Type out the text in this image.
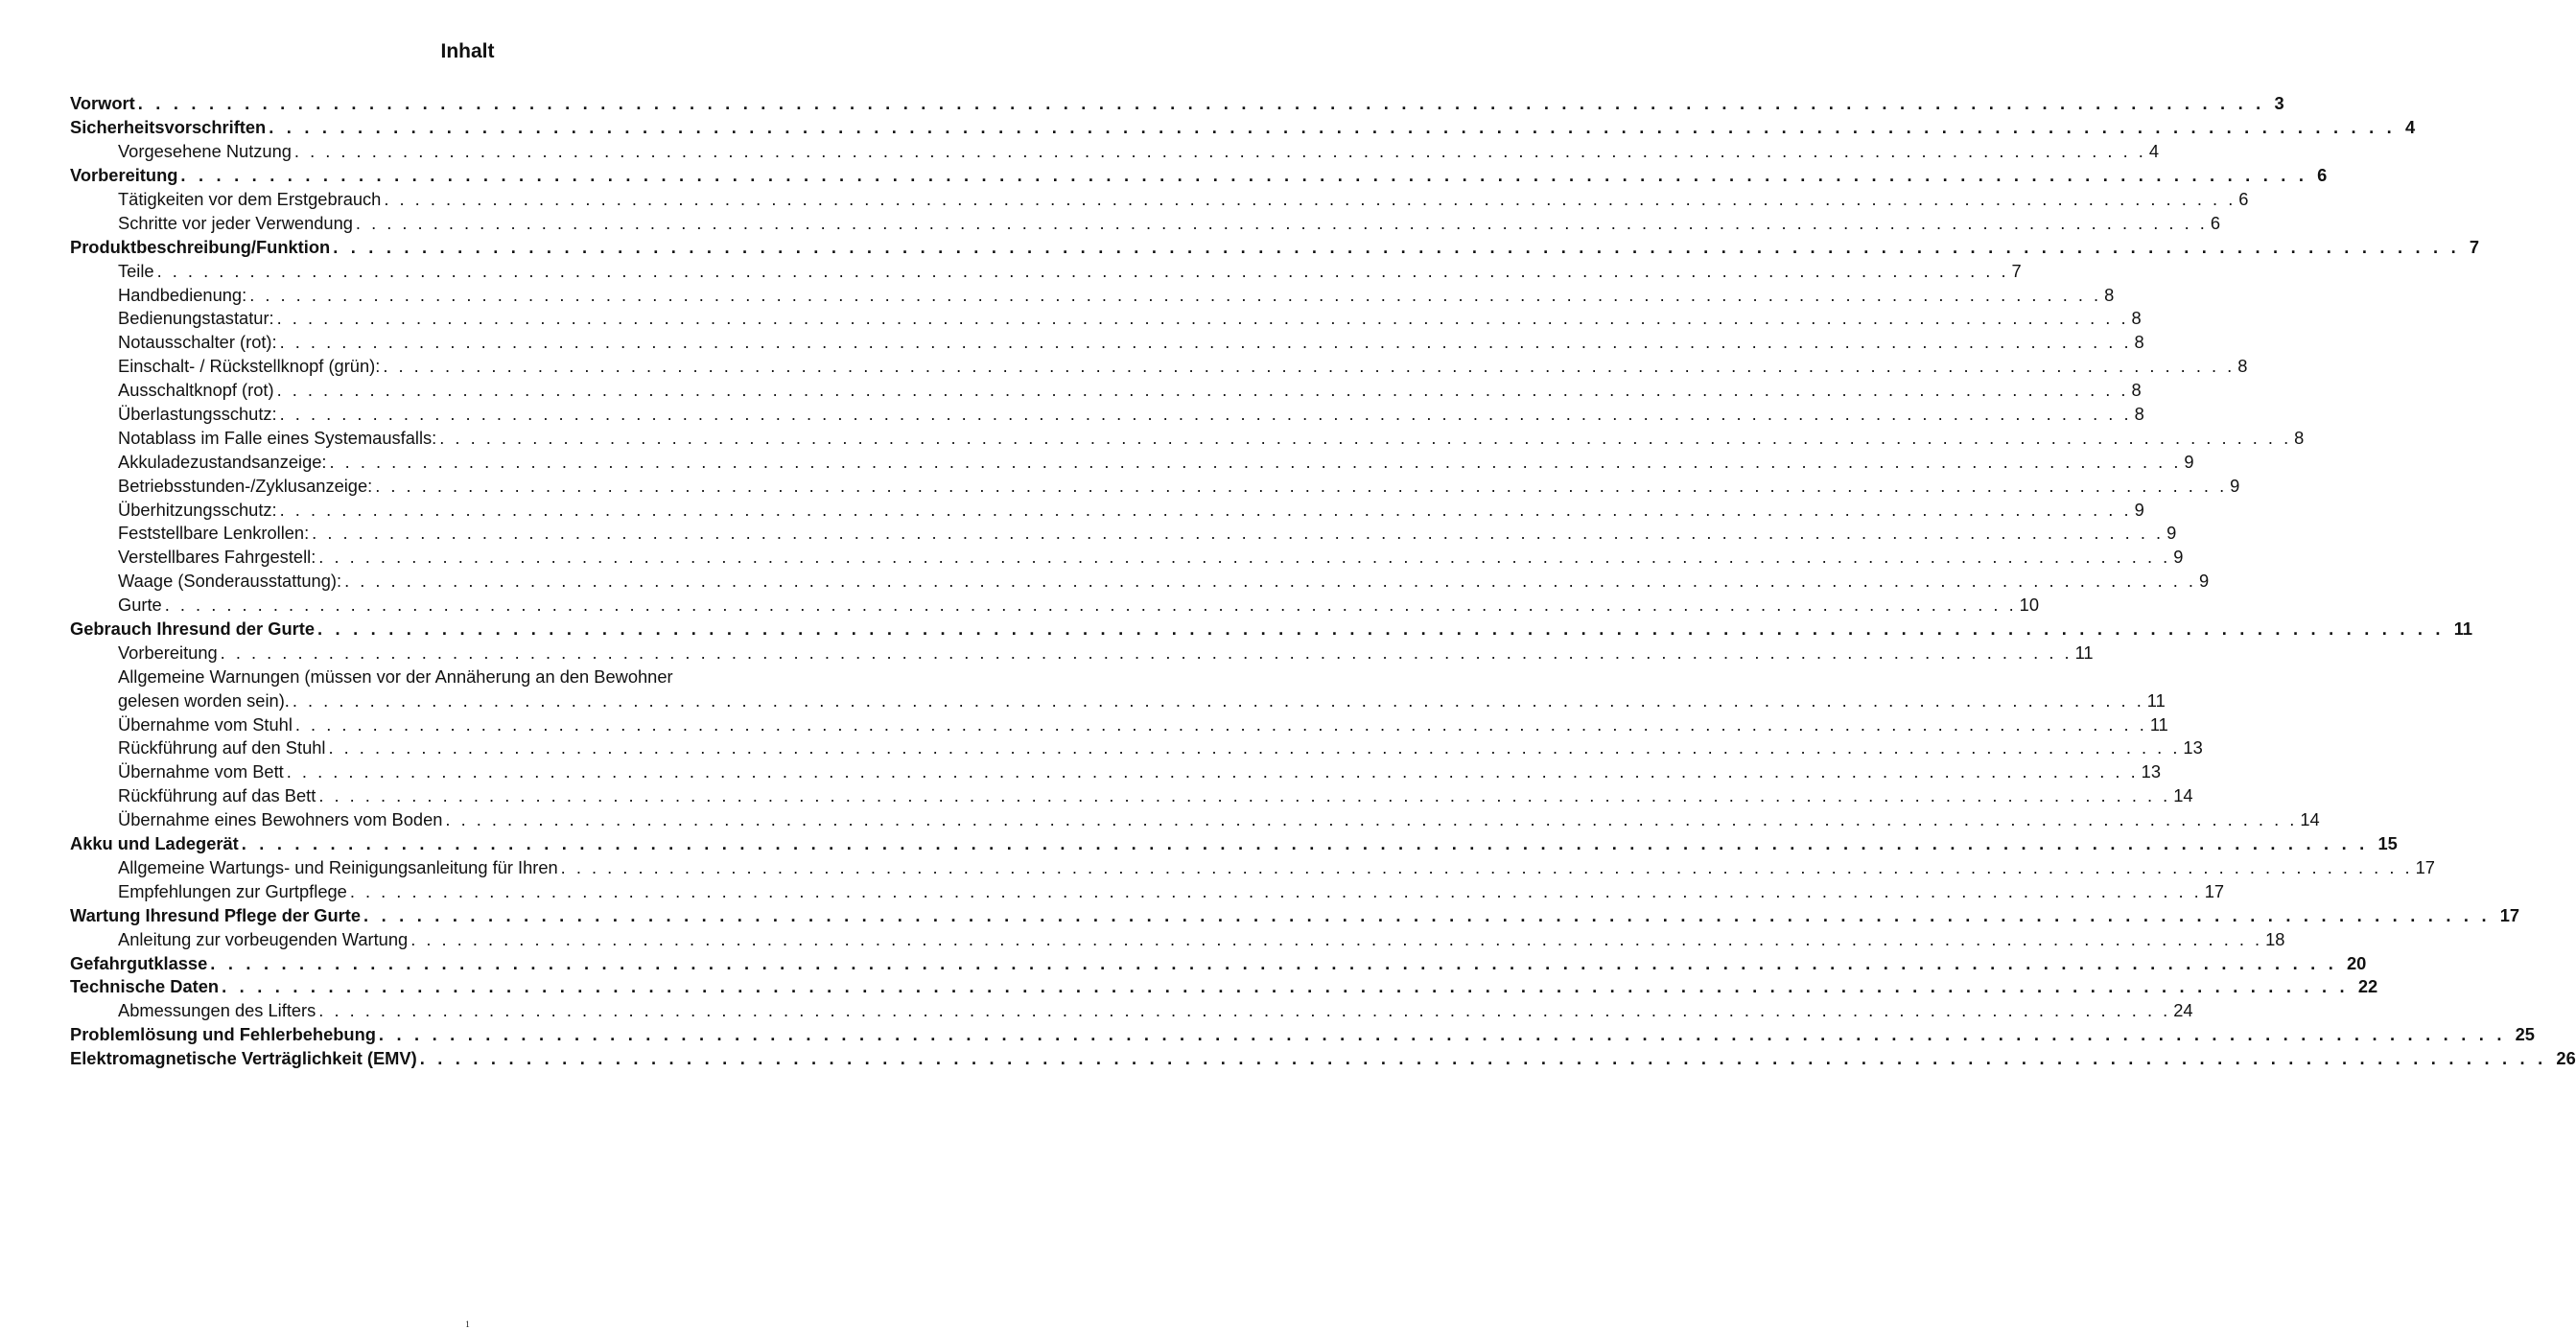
Inhalt
Vorwort . . . . . . . . . . . . . . . . . . . . . . . . . . . . . . . . . . . . . . . . . . . . . . . . . . . . . . . . . . . . . . . . . . . . . . . . . . . . . . . . . . . . . . . . . . . . . . . . . . . . . . . . . . . . . . . . . . . . . . . . 3
Sicherheitsvorschriften . . . . . . . . . . . . . . . . . . . . . . . . . . . . . . . . . . . . . . . . . . . . . . . . . . . . . . . . . . . . . . . . . . . . . . . . . . . . . . . . . . . . . . . . . . . . . . . . . . . . . . . . . . . . . . . . . . . . . . . . 4
Vorgesehene Nutzung . . . . . . . . . . . . . . . . . . . . . . . . . . . . . . . . . . . . . . . . . . . . . . . . . . . . . . . . . . . . . . . . . . . . . . . . . . . . . . . . . . . . . . . . . . . . . . . . . . . . . . . . . . . . . . . . . . . . . . . . 4
Vorbereitung . . . . . . . . . . . . . . . . . . . . . . . . . . . . . . . . . . . . . . . . . . . . . . . . . . . . . . . . . . . . . . . . . . . . . . . . . . . . . . . . . . . . . . . . . . . . . . . . . . . . . . . . . . . . . . . . . . . . . . . . 6
Tätigkeiten vor dem Erstgebrauch . . . . . . . . . . . . . . . . . . . . . . . . . . . . . . . . . . . . . . . . . . . . . . . . . . . . . . . . . . . . . . . . . . . . . . . . . . . . . . . . . . . . . . . . . . . . . . . . . . . . . . . . . . . . . . . . . . . . . . . . 6
Schritte vor jeder Verwendung . . . . . . . . . . . . . . . . . . . . . . . . . . . . . . . . . . . . . . . . . . . . . . . . . . . . . . . . . . . . . . . . . . . . . . . . . . . . . . . . . . . . . . . . . . . . . . . . . . . . . . . . . . . . . . . . . . . . . . . . 6
Produktbeschreibung/Funktion . . . . . . . . . . . . . . . . . . . . . . . . . . . . . . . . . . . . . . . . . . . . . . . . . . . . . . . . . . . . . . . . . . . . . . . . . . . . . . . . . . . . . . . . . . . . . . . . . . . . . . . . . . . . . . . . . . . . . . . . 7
Teile . . . . . . . . . . . . . . . . . . . . . . . . . . . . . . . . . . . . . . . . . . . . . . . . . . . . . . . . . . . . . . . . . . . . . . . . . . . . . . . . . . . . . . . . . . . . . . . . . . . . . . . . . . . . . . . . . . . . . . . . 7
Handbedienung: . . . . . . . . . . . . . . . . . . . . . . . . . . . . . . . . . . . . . . . . . . . . . . . . . . . . . . . . . . . . . . . . . . . . . . . . . . . . . . . . . . . . . . . . . . . . . . . . . . . . . . . . . . . . . . . . . . . . . . . . 8
Bedienungstastatur: . . . . . . . . . . . . . . . . . . . . . . . . . . . . . . . . . . . . . . . . . . . . . . . . . . . . . . . . . . . . . . . . . . . . . . . . . . . . . . . . . . . . . . . . . . . . . . . . . . . . . . . . . . . . . . . . . . . . . . . . 8
Notausschalter (rot): . . . . . . . . . . . . . . . . . . . . . . . . . . . . . . . . . . . . . . . . . . . . . . . . . . . . . . . . . . . . . . . . . . . . . . . . . . . . . . . . . . . . . . . . . . . . . . . . . . . . . . . . . . . . . . . . . . . . . . . . 8
Einschalt- / Rückstellknopf (grün): . . . . . . . . . . . . . . . . . . . . . . . . . . . . . . . . . . . . . . . . . . . . . . . . . . . . . . . . . . . . . . . . . . . . . . . . . . . . . . . . . . . . . . . . . . . . . . . . . . . . . . . . . . . . . . . . . . . . . . . . 8
Ausschaltknopf (rot) . . . . . . . . . . . . . . . . . . . . . . . . . . . . . . . . . . . . . . . . . . . . . . . . . . . . . . . . . . . . . . . . . . . . . . . . . . . . . . . . . . . . . . . . . . . . . . . . . . . . . . . . . . . . . . . . . . . . . . . . 8
Überlastungsschutz: . . . . . . . . . . . . . . . . . . . . . . . . . . . . . . . . . . . . . . . . . . . . . . . . . . . . . . . . . . . . . . . . . . . . . . . . . . . . . . . . . . . . . . . . . . . . . . . . . . . . . . . . . . . . . . . . . . . . . . . . 8
Notablass im Falle eines Systemausfalls: . . . . . . . . . . . . . . . . . . . . . . . . . . . . . . . . . . . . . . . . . . . . . . . . . . . . . . . . . . . . . . . . . . . . . . . . . . . . . . . . . . . . . . . . . . . . . . . . . . . . . . . . . . . . . . . . . . . . . . . . 8
Akkuladezustandsanzeige: . . . . . . . . . . . . . . . . . . . . . . . . . . . . . . . . . . . . . . . . . . . . . . . . . . . . . . . . . . . . . . . . . . . . . . . . . . . . . . . . . . . . . . . . . . . . . . . . . . . . . . . . . . . . . . . . . . . . . . . . 9
Betriebsstunden-/Zyklusanzeige: . . . . . . . . . . . . . . . . . . . . . . . . . . . . . . . . . . . . . . . . . . . . . . . . . . . . . . . . . . . . . . . . . . . . . . . . . . . . . . . . . . . . . . . . . . . . . . . . . . . . . . . . . . . . . . . . . . . . . . . . 9
Überhitzungsschutz: . . . . . . . . . . . . . . . . . . . . . . . . . . . . . . . . . . . . . . . . . . . . . . . . . . . . . . . . . . . . . . . . . . . . . . . . . . . . . . . . . . . . . . . . . . . . . . . . . . . . . . . . . . . . . . . . . . . . . . . . 9
Feststellbare Lenkrollen: . . . . . . . . . . . . . . . . . . . . . . . . . . . . . . . . . . . . . . . . . . . . . . . . . . . . . . . . . . . . . . . . . . . . . . . . . . . . . . . . . . . . . . . . . . . . . . . . . . . . . . . . . . . . . . . . . . . . . . . . 9
Verstellbares Fahrgestell: . . . . . . . . . . . . . . . . . . . . . . . . . . . . . . . . . . . . . . . . . . . . . . . . . . . . . . . . . . . . . . . . . . . . . . . . . . . . . . . . . . . . . . . . . . . . . . . . . . . . . . . . . . . . . . . . . . . . . . . . 9
Waage (Sonderausstattung): . . . . . . . . . . . . . . . . . . . . . . . . . . . . . . . . . . . . . . . . . . . . . . . . . . . . . . . . . . . . . . . . . . . . . . . . . . . . . . . . . . . . . . . . . . . . . . . . . . . . . . . . . . . . . . . . . . . . . . . . 9
Gurte . . . . . . . . . . . . . . . . . . . . . . . . . . . . . . . . . . . . . . . . . . . . . . . . . . . . . . . . . . . . . . . . . . . . . . . . . . . . . . . . . . . . . . . . . . . . . . . . . . . . . . . . . . . . . . . . . . . . . . . . 10
Gebrauch Ihres und der Gurte . . . . . . . . . . . . . . . . . . . . . . . . . . . . . . . . . . . . . . . . . . . . . . . . . . . . . . . . . . . . . . . . . . . . . . . . . . . . . . . . . . . . . . . . . . . . . . . . . . . . . . . . . . . . . . . . . . . . . . . . 11
Vorbereitung . . . . . . . . . . . . . . . . . . . . . . . . . . . . . . . . . . . . . . . . . . . . . . . . . . . . . . . . . . . . . . . . . . . . . . . . . . . . . . . . . . . . . . . . . . . . . . . . . . . . . . . . . . . . . . . . . . . . . . . . 11
Allgemeine Warnungen (müssen vor der Annäherung an den Bewohner
gelesen worden sein). . . . . . . . . . . . . . . . . . . . . . . . . . . . . . . . . . . . . . . . . . . . . . . . . . . . . . . . . . . . . . . . . . . . . . . . . . . . . . . . . . . . . . . . . . . . . . . . . . . . . . . . . . . . . . . . . . . . . . . . . 11
Übernahme vom Stuhl . . . . . . . . . . . . . . . . . . . . . . . . . . . . . . . . . . . . . . . . . . . . . . . . . . . . . . . . . . . . . . . . . . . . . . . . . . . . . . . . . . . . . . . . . . . . . . . . . . . . . . . . . . . . . . . . . . . . . . . . 11
Rückführung auf den Stuhl . . . . . . . . . . . . . . . . . . . . . . . . . . . . . . . . . . . . . . . . . . . . . . . . . . . . . . . . . . . . . . . . . . . . . . . . . . . . . . . . . . . . . . . . . . . . . . . . . . . . . . . . . . . . . . . . . . . . . . . . 13
Übernahme vom Bett . . . . . . . . . . . . . . . . . . . . . . . . . . . . . . . . . . . . . . . . . . . . . . . . . . . . . . . . . . . . . . . . . . . . . . . . . . . . . . . . . . . . . . . . . . . . . . . . . . . . . . . . . . . . . . . . . . . . . . . . 13
Rückführung auf das Bett . . . . . . . . . . . . . . . . . . . . . . . . . . . . . . . . . . . . . . . . . . . . . . . . . . . . . . . . . . . . . . . . . . . . . . . . . . . . . . . . . . . . . . . . . . . . . . . . . . . . . . . . . . . . . . . . . . . . . . . . 14
Übernahme eines Bewohners vom Boden . . . . . . . . . . . . . . . . . . . . . . . . . . . . . . . . . . . . . . . . . . . . . . . . . . . . . . . . . . . . . . . . . . . . . . . . . . . . . . . . . . . . . . . . . . . . . . . . . . . . . . . . . . . . . . . . . . . . . . . . 14
Akku und Ladegerät . . . . . . . . . . . . . . . . . . . . . . . . . . . . . . . . . . . . . . . . . . . . . . . . . . . . . . . . . . . . . . . . . . . . . . . . . . . . . . . . . . . . . . . . . . . . . . . . . . . . . . . . . . . . . . . . . . . . . . . . 15
Allgemeine Wartungs- und Reinigungsanleitung für Ihren . . . . . . . . . . . . . . . . . . . . . . . . . . . . . . . . . . . . . . . . . . . . . . . . . . . . . . . . . . . . . . . . . . . . . . . . . . . . . . . . . . . . . . . . . . . . . . . . . . . . . . . . . . . . . . . . . . . . . . . . 17
Empfehlungen zur Gurtpflege . . . . . . . . . . . . . . . . . . . . . . . . . . . . . . . . . . . . . . . . . . . . . . . . . . . . . . . . . . . . . . . . . . . . . . . . . . . . . . . . . . . . . . . . . . . . . . . . . . . . . . . . . . . . . . . . . . . . . . . . 17
Wartung Ihres und Pflege der Gurte . . . . . . . . . . . . . . . . . . . . . . . . . . . . . . . . . . . . . . . . . . . . . . . . . . . . . . . . . . . . . . . . . . . . . . . . . . . . . . . . . . . . . . . . . . . . . . . . . . . . . . . . . . . . . . . . . . . . . . . . 17
Anleitung zur vorbeugenden Wartung . . . . . . . . . . . . . . . . . . . . . . . . . . . . . . . . . . . . . . . . . . . . . . . . . . . . . . . . . . . . . . . . . . . . . . . . . . . . . . . . . . . . . . . . . . . . . . . . . . . . . . . . . . . . . . . . . . . . . . . . 18
Gefahrgutklasse . . . . . . . . . . . . . . . . . . . . . . . . . . . . . . . . . . . . . . . . . . . . . . . . . . . . . . . . . . . . . . . . . . . . . . . . . . . . . . . . . . . . . . . . . . . . . . . . . . . . . . . . . . . . . . . . . . . . . . . . 20
Technische Daten . . . . . . . . . . . . . . . . . . . . . . . . . . . . . . . . . . . . . . . . . . . . . . . . . . . . . . . . . . . . . . . . . . . . . . . . . . . . . . . . . . . . . . . . . . . . . . . . . . . . . . . . . . . . . . . . . . . . . . . . 22
Abmessungen des Lifters . . . . . . . . . . . . . . . . . . . . . . . . . . . . . . . . . . . . . . . . . . . . . . . . . . . . . . . . . . . . . . . . . . . . . . . . . . . . . . . . . . . . . . . . . . . . . . . . . . . . . . . . . . . . . . . . . . . . . . . . 24
Problemlösung und Fehlerbehebung . . . . . . . . . . . . . . . . . . . . . . . . . . . . . . . . . . . . . . . . . . . . . . . . . . . . . . . . . . . . . . . . . . . . . . . . . . . . . . . . . . . . . . . . . . . . . . . . . . . . . . . . . . . . . . . . . . . . . . . . 25
Elektromagnetische Verträglichkeit (EMV) . . . . . . . . . . . . . . . . . . . . . . . . . . . . . . . . . . . . . . . . . . . . . . . . . . . . . . . . . . . . . . . . . . . . . . . . . . . . . . . . . . . . . . . . . . . . . . . . . . . . . . . . . . . . . . . . . . . . . . . . 26
1
